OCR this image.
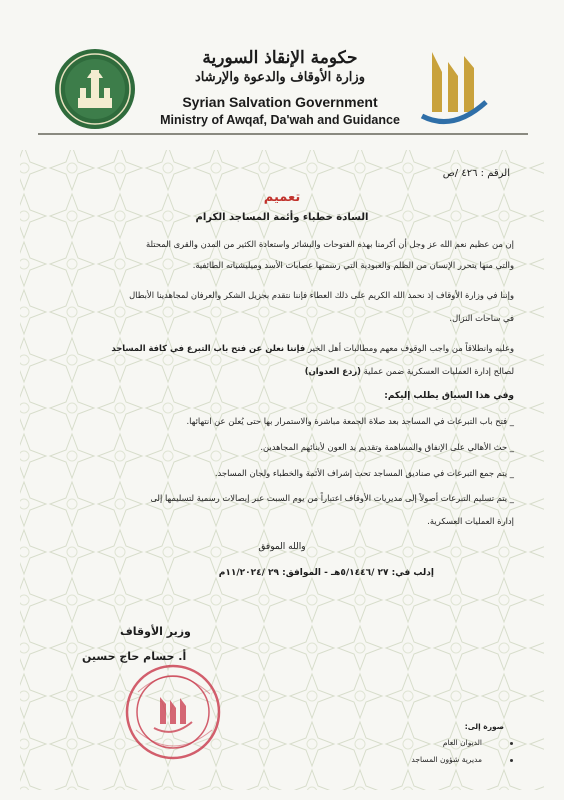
حكومة الإنقاذ السورية
وزارة الأوقاف والدعوة والإرشاد
Syrian Salvation Government
Ministry of Awqaf, Da'wah and Guidance
الرقم : ٤٢٦ /ص
تعميم
السادة خطباء وأئمة المساجد الكرام
إن من عظيم نعم الله عز وجل أن أكرمنا بهذه الفتوحات والبشائر واستعادة الكثير من المدن والقرى المحتلة
والتي منها يتحرر الإنسان من الظلم والعبودية التي رسمتها عصابات الأسد وميليشياته الطائفية.
وإننا في وزارة الأوقاف إذ نحمد الله الكريم على ذلك العطاء فإننا نتقدم بجزيل الشكر والعرفان لمجاهدينا الأبطال
في ساحات النزال.
وعليه وانطلاقاً من واجب الوقوف معهم ومطالبات أهل الخير فإننا نعلن عن فتح باب التبرع في كافة المساجد
لصالح إدارة العمليات العسكرية ضمن عملية (ردع العدوان)
وفي هذا السياق يطلب إليكم:
_ فتح باب التبرعات في المساجد بعد صلاة الجمعة مباشرة والاستمرار بها حتى يُعلن عن انتهائها.
_ حث الأهالي على الإنفاق والمساهمة وتقديم يد العون لأبنائهم المجاهدين.
_ يتم جمع التبرعات في صناديق المساجد تحت إشراف الأئمة والخطباء ولجان المساجد.
_ يتم تسليم التبرعات أصولاً إلى مديريات الأوقاف اعتباراً من يوم السبت عبر إيصالات رسمية لتسليمها إلى
إدارة العمليات العسكرية.
والله الموفق
إدلب في: ٢٧ /٥/١٤٤٦هـ - الموافق: ٢٩ /١١/٢٠٢٤م
وزير الأوقاف
أ. حسام حاج حسين
صورة إلى:
الديوان العام
مديرية شؤون المساجد
